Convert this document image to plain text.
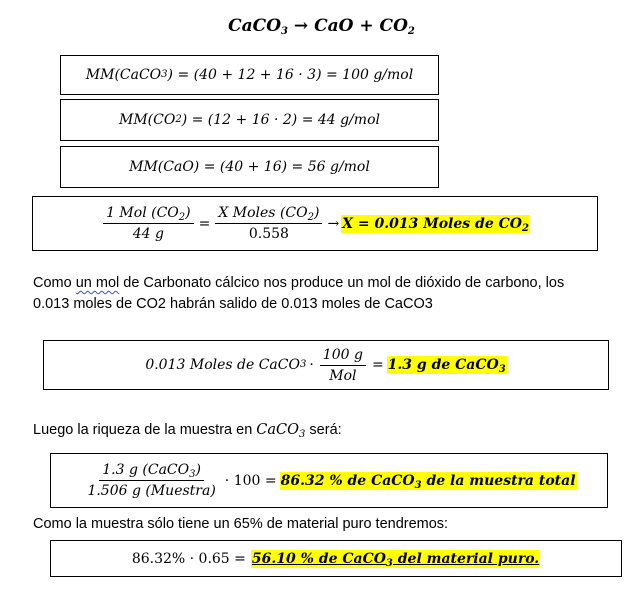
CaCO$_3$ → CaO + $CO_2$
MM(CaCO 3 ) = (40 + 12 + 16 · 3) = 100 g/mol
MM(CO 2 ) = (12 + 16 · 2) = 44 g/mol
MM(CaO) = (40 + 16) = 56 g/mol
$\frac{1 Mol (CO_2)}{44 g} = \frac{X Moles (CO_2)}{0.558} \to X = 0.013$ Moles de $CO_2$
Como un mol de Carbonato cálcico nos produce un mol de dióxido de carbono, los
0.013 moles de CO2 habrán salido de 0.013 moles de CaCO3
0.013 Moles de CaCO $3 \cdot \frac{100 g}{\text{Mol}} = 1.3$ g de CaCO$_3$
Luego la riqueza de la muestra en CaCO$_3$ será:
$\frac{1.3 g (CaCO_3)}{\text{1.506 g (Muestra)}} \cdot 100 = 86.32$ % de CaCO$_3$ de la muestra total
Como la muestra sólo tiene un 65% de material puro tendremos:
86.32% · 0.65 = 56.10 % de CaCO$_3$ del material puro.
